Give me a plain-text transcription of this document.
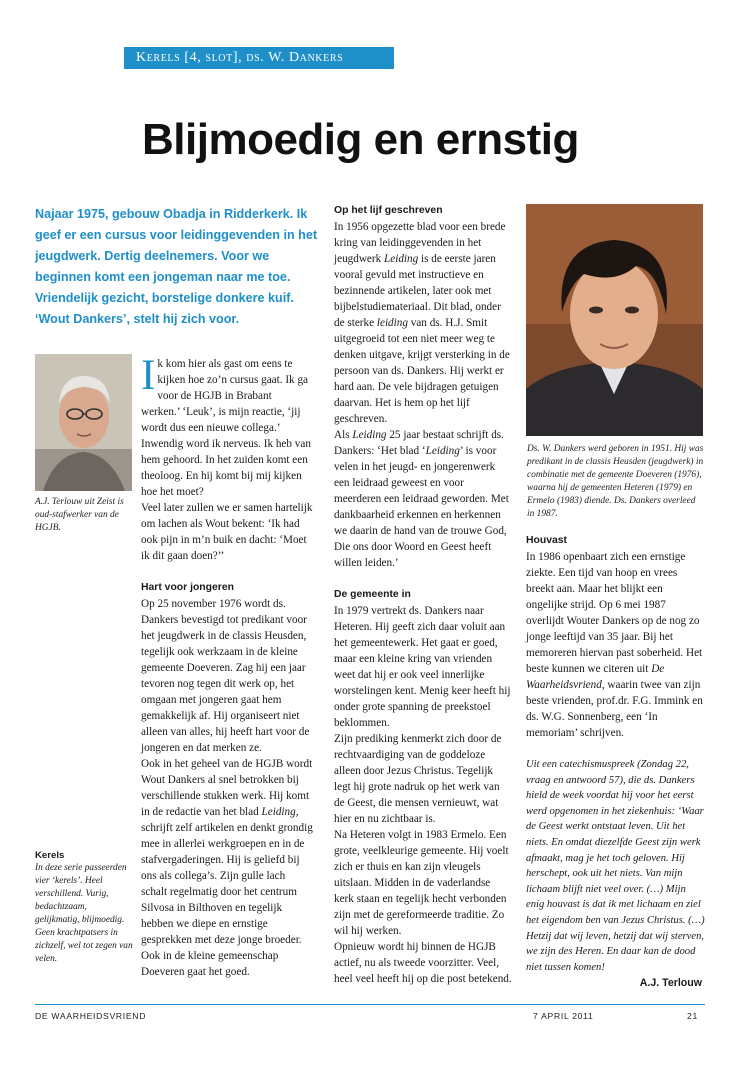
Kerels [4, slot], ds. W. Dankers
Blijmoedig en ernstig
Najaar 1975, gebouw Obadja in Ridderkerk. Ik geef er een cursus voor leidinggevenden in het jeugdwerk. Dertig deelnemers. Voor we beginnen komt een jongeman naar me toe. Vriendelijk gezicht, borstelige donkere kuif. ‘Wout Dankers’, stelt hij zich voor.
A.J. Terlouw uit Zeist is oud-stafwerker van de HGJB.
Ds. W. Dankers werd geboren in 1951. Hij was predikant in de classis Heusden (jeugdwerk) in combinatie met de gemeente Doeveren (1976), waarna hij de gemeenten Heteren (1979) en Ermelo (1983) diende. Ds. Dankers overleed in 1987.
Kerels
In deze serie passeerden vier ‘kerels’. Heel verschillend. Vurig, bedachtzaam, gelijkmatig, blijmoedig. Geen krachtpatsers in zichzelf, wel tot zegen van velen.

Ik kom hier als gast om eens te kijken hoe zo’n cursus gaat. Ik ga voor de HGJB in Brabant werken.’ ‘Leuk’, is mijn reactie, ‘jij wordt dus een nieuwe collega.’ Inwendig word ik nerveus. Ik heb van hem gehoord. In het zuiden komt een theoloog. En hij komt bij mij kijken hoe het moet?

Veel later zullen we er samen hartelijk om lachen als Wout bekent: ‘Ik had ook pijn in m’n buik en dacht: ‘Moet ik dit gaan doen?’’

Hart voor jongeren

Op 25 november 1976 wordt ds. Dankers bevestigd tot predikant voor het jeugdwerk in de classis Heusden, tegelijk ook werkzaam in de kleine gemeente Doeveren. Zag hij een jaar tevoren nog tegen dit werk op, het omgaan met jongeren gaat hem gemakkelijk af. Hij organiseert niet alleen van alles, hij heeft hart voor de jongeren en dat merken ze.

Ook in het geheel van de HGJB wordt Wout Dankers al snel betrokken bij verschillende stukken werk. Hij komt in de redactie van het blad Leiding, schrijft zelf artikelen en denkt grondig mee in allerlei werkgroepen en in de stafvergaderingen. Hij is geliefd bij ons als collega’s. Zijn gulle lach schalt regelmatig door het centrum Silvosa in Bilthoven en tegelijk hebben we diepe en ernstige gesprekken met deze jonge broeder. Ook in de kleine gemeenschap Doeveren gaat het goed.

Op het lijf geschreven

In 1956 opgezette blad voor een brede kring van leidinggevenden in het jeugdwerk Leiding is de eerste jaren vooral gevuld met instructieve en bezinnende artikelen, later ook met bijbelstudiemateriaal. Dit blad, onder de sterke leiding van ds. H.J. Smit uitgegroeid tot een niet meer weg te denken uitgave, krijgt versterking in de persoon van ds. Dankers. Hij werkt er hard aan. De vele bijdragen getuigen daarvan. Het is hem op het lijf geschreven.

Als Leiding 25 jaar bestaat schrijft ds. Dankers: ‘Het blad ‘Leiding’ is voor velen in het jeugd- en jongerenwerk een leidraad geweest en voor meerderen een leidraad geworden. Met dankbaarheid erkennen en herkennen we daarin de hand van de trouwe God, Die ons door Woord en Geest heeft willen leiden.’

De gemeente in

In 1979 vertrekt ds. Dankers naar Heteren. Hij geeft zich daar voluit aan het gemeentewerk. Het gaat er goed, maar een kleine kring van vrienden weet dat hij er ook veel innerlijke worstelingen kent. Menig keer heeft hij onder grote spanning de preekstoel beklommen.

Zijn prediking kenmerkt zich door de rechtvaardiging van de goddeloze alleen door Jezus Christus. Tegelijk legt hij grote nadruk op het werk van de Geest, die mensen vernieuwt, wat hier en nu zichtbaar is.

Na Heteren volgt in 1983 Ermelo. Een grote, veelkleurige gemeente. Hij voelt zich er thuis en kan zijn vleugels uitslaan. Midden in de vaderlandse kerk staan en tegelijk hecht verbonden zijn met de gereformeerde traditie. Zo wil hij werken.

Opnieuw wordt hij binnen de HGJB actief, nu als tweede voorzitter. Veel, heel veel heeft hij op die post betekend.

Houvast

In 1986 openbaart zich een ernstige ziekte. Een tijd van hoop en vrees breekt aan. Maar het blijkt een ongelijke strijd. Op 6 mei 1987 overlijdt Wouter Dankers op de nog zo jonge leeftijd van 35 jaar. Bij het memoreren hiervan past soberheid. Het beste kunnen we citeren uit De Waarheidsvriend, waarin twee van zijn beste vrienden, prof.dr. F.G. Immink en ds. W.G. Sonnenberg, een ‘In memoriam’ schrijven.

Uit een catechismuspreek (Zondag 22, vraag en antwoord 57), die ds. Dankers hield de week voordat hij voor het eerst werd opgenomen in het ziekenhuis: ‘Waar de Geest werkt ontstaat leven. Uit het niets. En omdat diezelfde Geest zijn werk afmaakt, mag je het toch geloven. Hij herschept, ook uit het niets. Van mijn lichaam blijft niet veel over. (…) Mijn enig houvast is dat ik met lichaam en ziel het eigendom ben van Jezus Christus. (…) Hetzij dat wij leven, hetzij dat wij sterven, we zijn des Heren. En daar kan de dood niet tussen komen!

A.J. Terlouw

DE WAARHEIDSVRIEND	7 APRIL 2011	21
